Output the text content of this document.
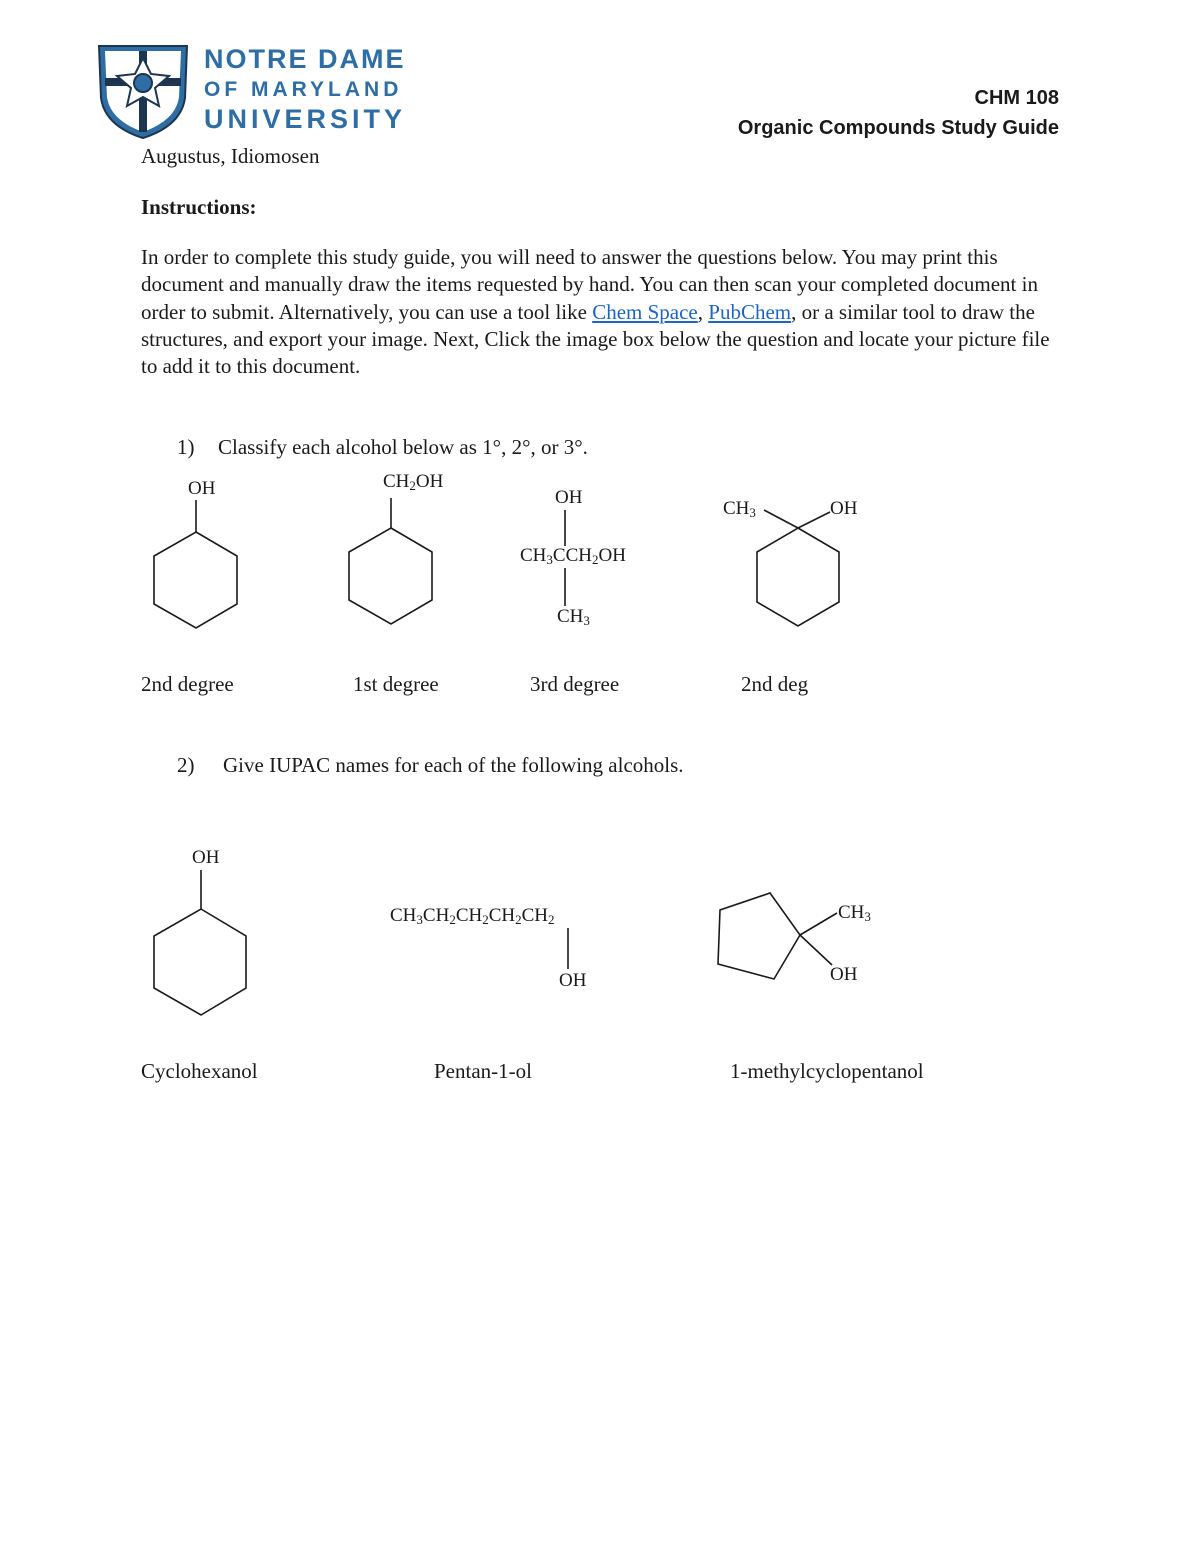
NOTRE DAME
OF MARYLAND
UNIVERSITY
CHM 108
Organic Compounds Study Guide
Augustus, Idiomosen
Instructions:
In order to complete this study guide, you will need to answer the questions below. You may print this document and manually draw the items requested by hand. You can then scan your completed document in order to submit. Alternatively, you can use a tool like Chem Space, PubChem, or a similar tool to draw the structures, and export your image. Next, Click the image box below the question and locate your picture file to add it to this document.
1) Classify each alcohol below as 1°, 2°, or 3°.
OH	$CH_2OH$
OH
$CH_3CCH_2OH$
$CH_3$
$CH_3$	OH
2nd degree	1st degree	3rd degree	2nd deg
2) Give IUPAC names for each of the following alcohols.
OH
$CH_3CH_2CH_2CH_2CH_2$
OH
$CH_3$
OH
Cyclohexanol	Pentan-1-ol	1-methylcyclopentanol
